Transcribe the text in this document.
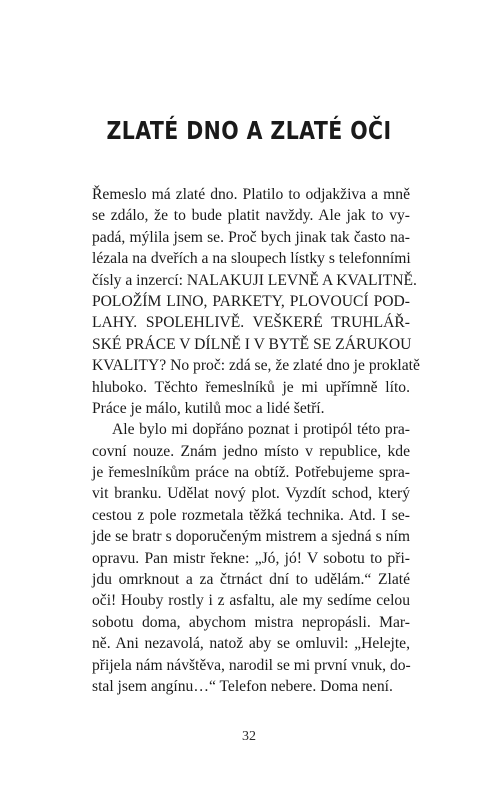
ZLATÉ DNO A ZLATÉ OČI
Řemeslo má zlaté dno. Platilo to odjakživa a mně
se zdálo, že to bude platit navždy. Ale jak to vy-
padá, mýlila jsem se. Proč bych jinak tak často na-
lézala na dveřích a na sloupech lístky s telefonními
čísly a inzercí: NALAKUJI LEVNĚ A KVALITNĚ.
POLOŽÍM LINO, PARKETY, PLOVOUCÍ POD-
LAHY. SPOLEHLIVĚ. VEŠKERÉ TRUHLÁŘ-
SKÉ PRÁCE V DÍLNĚ I V BYTĚ SE ZÁRUKOU
KVALITY? No proč: zdá se, že zlaté dno je proklatě
hluboko. Těchto řemeslníků je mi upřímně líto.
Práce je málo, kutilů moc a lidé šetří.
Ale bylo mi dopřáno poznat i protipól této pra-
covní nouze. Znám jedno místo v republice, kde
je řemeslníkům práce na obtíž. Potřebujeme spra-
vit branku. Udělat nový plot. Vyzdít schod, který
cestou z pole rozmetala těžká technika. Atd. I se-
jde se bratr s doporučeným mistrem a sjedná s ním
opravu. Pan mistr řekne: „Jó, jó! V sobotu to při-
jdu omrknout a za čtrnáct dní to udělám.“ Zlaté
oči! Houby rostly i z asfaltu, ale my sedíme celou
sobotu doma, abychom mistra nepropásli. Mar-
ně. Ani nezavolá, natož aby se omluvil: „Helejte,
přijela nám návštěva, narodil se mi první vnuk, do-
stal jsem angínu…“ Telefon nebere. Doma není.
32
